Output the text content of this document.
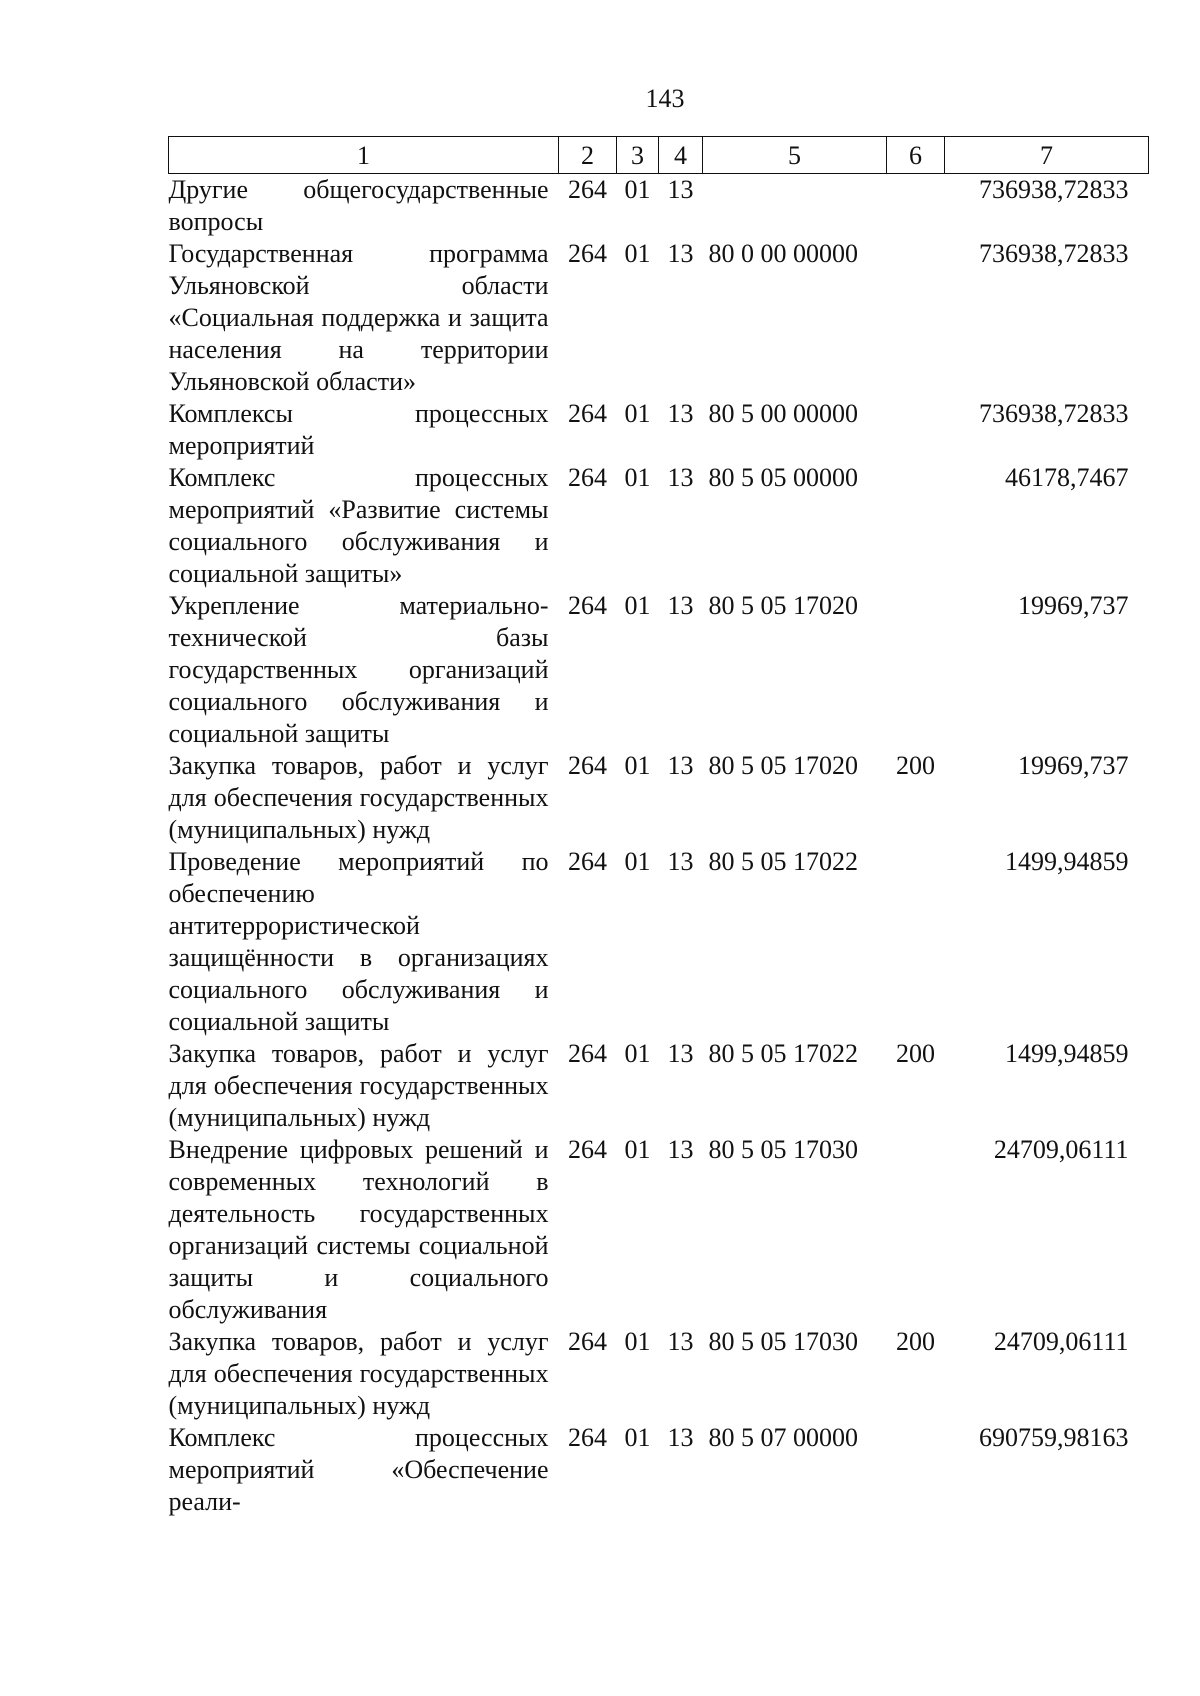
143
1	2	3	4	5	6	7
Другие общегосударственные вопросы	264	01	13			736938,72833
Государственная программа Ульяновской области «Социальная поддержка и защита населения на территории Ульяновской области»	264	01	13	80 0 00 00000		736938,72833
Комплексы процессных мероприятий	264	01	13	80 5 00 00000		736938,72833
Комплекс процессных мероприятий «Развитие системы социального обслуживания и социальной защиты»	264	01	13	80 5 05 00000		46178,7467
Укрепление материально-технической базы государственных организаций социального обслуживания и социальной защиты	264	01	13	80 5 05 17020		19969,737
Закупка товаров, работ и услуг для обеспечения государственных (муниципальных) нужд	264	01	13	80 5 05 17020	200	19969,737
Проведение мероприятий по обеспечению антитеррористической защищённости в организациях социального обслуживания и социальной защиты	264	01	13	80 5 05 17022		1499,94859
Закупка товаров, работ и услуг для обеспечения государственных (муниципальных) нужд	264	01	13	80 5 05 17022	200	1499,94859
Внедрение цифровых решений и современных технологий в деятельность государственных организаций системы социальной защиты и социального обслуживания	264	01	13	80 5 05 17030		24709,06111
Закупка товаров, работ и услуг для обеспечения государственных (муниципальных) нужд	264	01	13	80 5 05 17030	200	24709,06111
Комплекс процессных мероприятий «Обеспечение реали-	264	01	13	80 5 07 00000		690759,98163
